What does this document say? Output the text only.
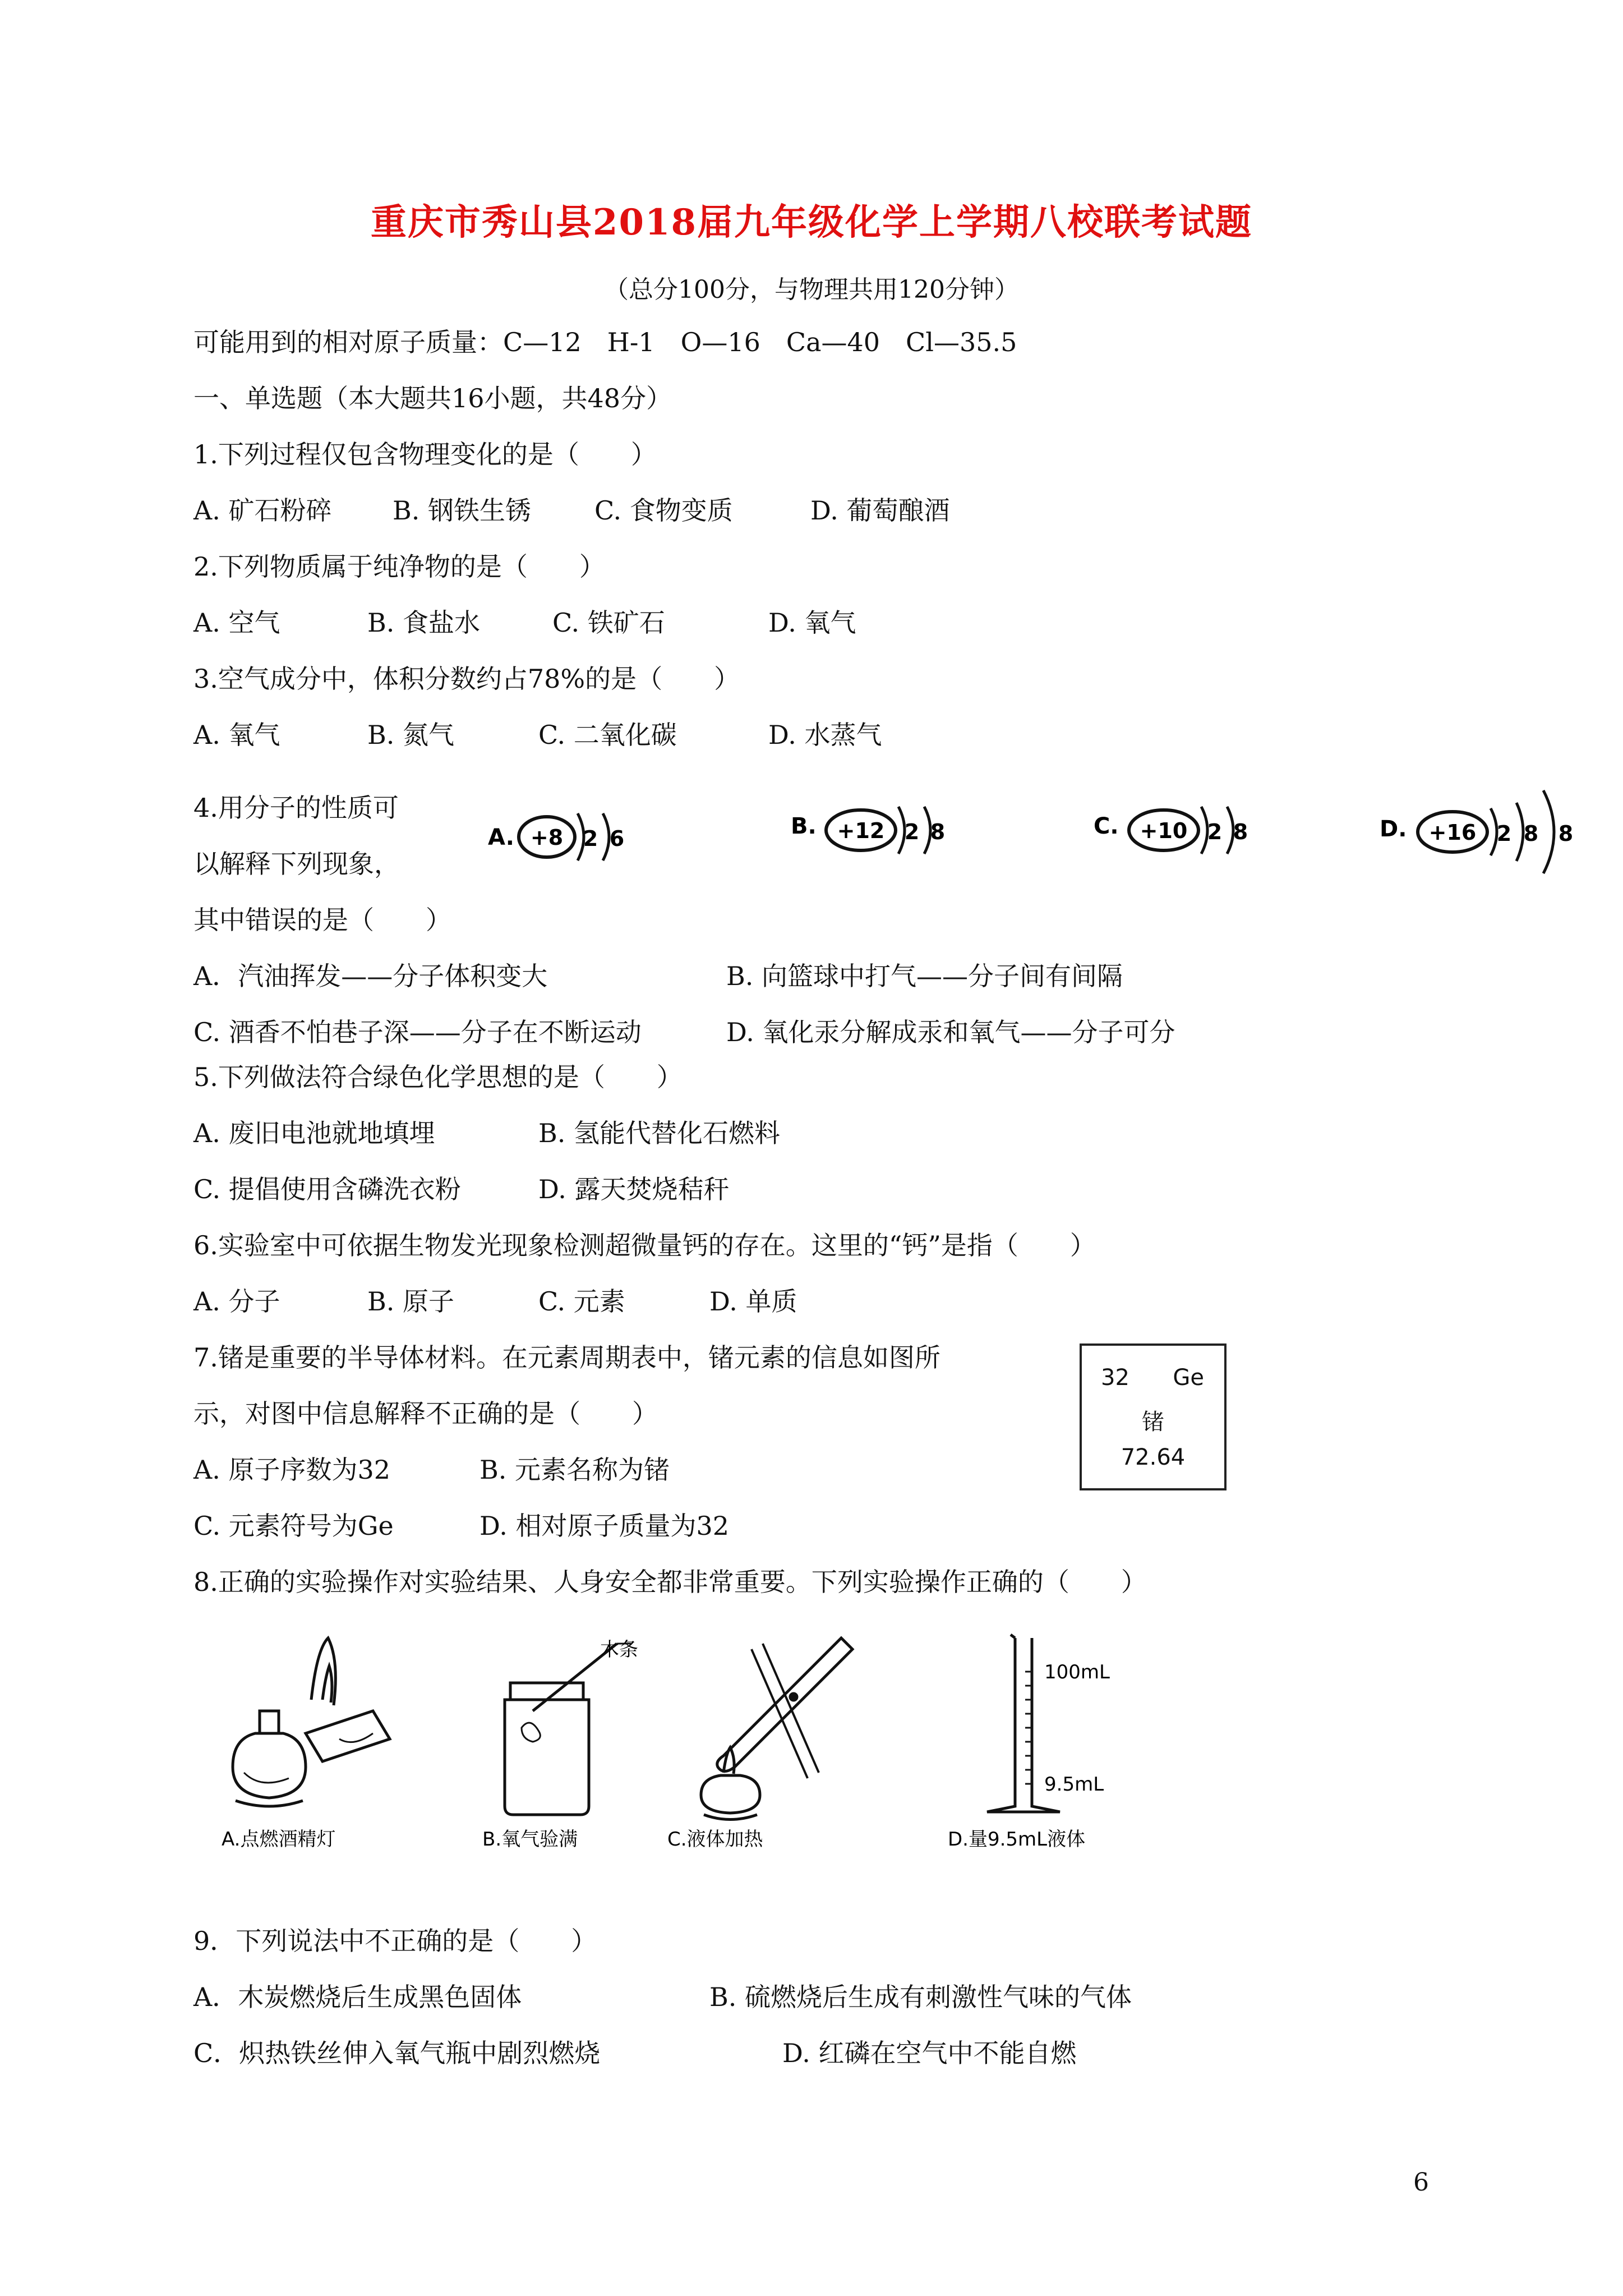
重庆市秀山县2018届九年级化学上学期八校联考试题
（总分100分，与物理共用120分钟）
可能用到的相对原子质量：C—12　H-1　O—16　Ca—40　Cl—35.5
一、单选题（本大题共16小题，共48分）
1.下列过程仅包含物理变化的是（　　）
A. 矿石粉碎 B. 钢铁生锈 C. 食物变质	D. 葡萄酿酒
2.下列物质属于纯净物的是（　　）
A. 空气	B. 食盐水	C. 铁矿石	D. 氧气
3.空气成分中，体积分数约占78%的是（　　）
A. 氧气	B. 氮气	C. 二氧化碳	D. 水蒸气
4.用分子的性质可
以解释下列现象，
其中错误的是（　　）
A. +8 2 6	B. +12 2 8	C. +10 2 8	D. +16 2 8 8
A．汽油挥发——分子体积变大	B. 向篮球中打气——分子间有间隔
C. 酒香不怕巷子深——分子在不断运动	D. 氧化汞分解成汞和氧气——分子可分
5.下列做法符合绿色化学思想的是（　　）
A. 废旧电池就地填埋	B. 氢能代替化石燃料
C. 提倡使用含磷洗衣粉	D. 露天焚烧秸秆
6.实验室中可依据生物发光现象检测超微量钙的存在。这里的“钙”是指（　　）
A. 分子	B. 原子	C. 元素	D. 单质
7.锗是重要的半导体材料。在元素周期表中，锗元素的信息如图所
示，对图中信息解释不正确的是（　　）
A. 原子序数为32	B. 元素名称为锗
C. 元素符号为Ge	D. 相对原子质量为32
32 Ge
锗
72.64
8.正确的实验操作对实验结果、人身安全都非常重要。下列实验操作正确的（　　）
A.点燃酒精灯
木条
B.氧气验满	C.液体加热
100mL
9.5mL
D.量9.5mL液体
9．下列说法中不正确的是（　　）
A．木炭燃烧后生成黑色固体	B. 硫燃烧后生成有刺激性气味的气体
C．炽热铁丝伸入氧气瓶中剧烈燃烧	D. 红磷在空气中不能自燃
6
